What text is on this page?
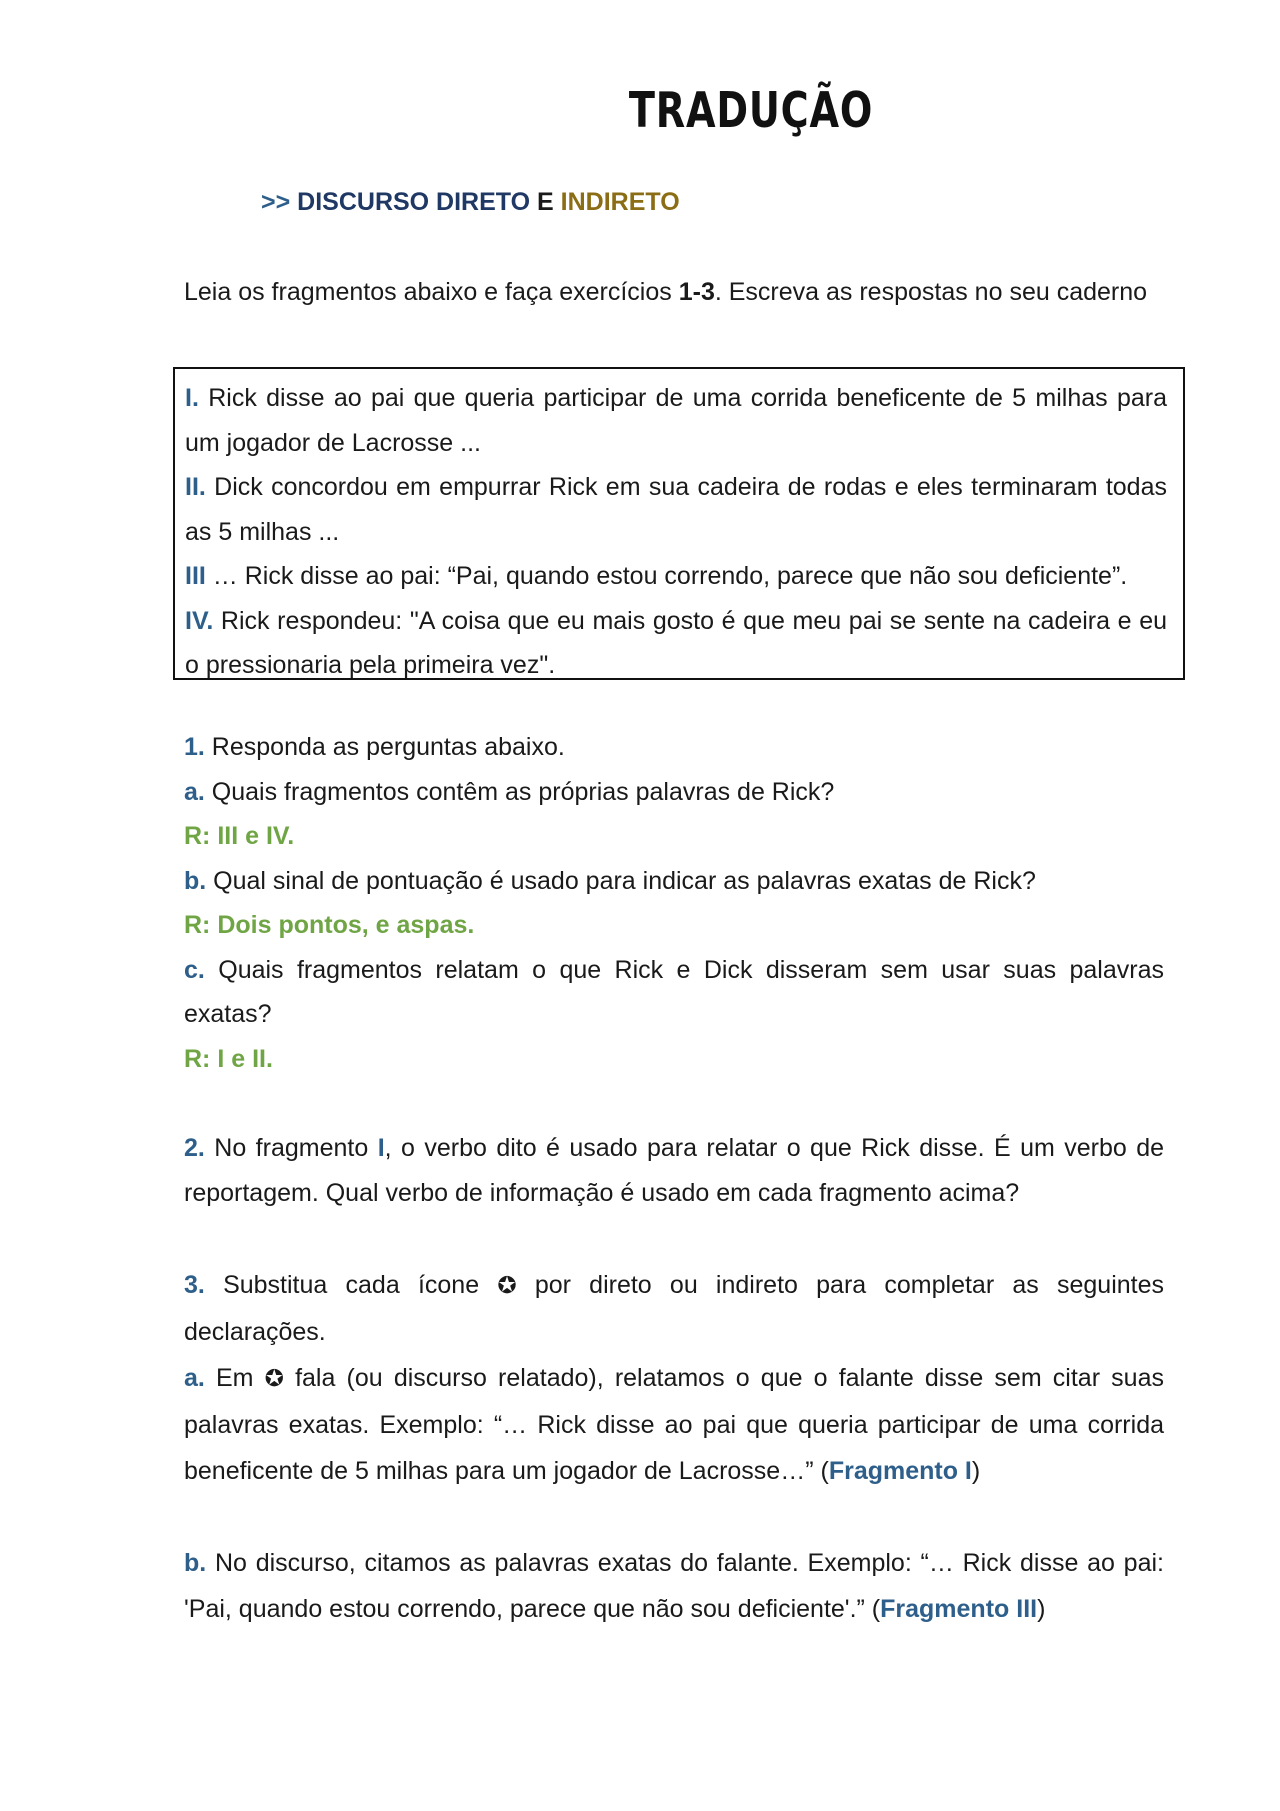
TRADUÇÃO
>> DISCURSO DIRETO E INDIRETO

Leia os fragmentos abaixo e faça exercícios 1-3. Escreva as respostas no seu caderno

I. Rick disse ao pai que queria participar de uma corrida beneficente de 5 milhas para um jogador de Lacrosse ...

II. Dick concordou em empurrar Rick em sua cadeira de rodas e eles terminaram todas as 5 milhas ...

III … Rick disse ao pai: “Pai, quando estou correndo, parece que não sou deficiente”.

IV. Rick respondeu: "A coisa que eu mais gosto é que meu pai se sente na cadeira e eu o pressionaria pela primeira vez".

1. Responda as perguntas abaixo.

a. Quais fragmentos contêm as próprias palavras de Rick?

R: III e IV.

b. Qual sinal de pontuação é usado para indicar as palavras exatas de Rick?

R: Dois pontos, e aspas.

c. Quais fragmentos relatam o que Rick e Dick disseram sem usar suas palavras exatas?

R: I e II.

2. No fragmento I, o verbo dito é usado para relatar o que Rick disse. É um verbo de reportagem. Qual verbo de informação é usado em cada fragmento acima?

3. Substitua cada ícone ✪ por direto ou indireto para completar as seguintes declarações.

a. Em ✪ fala (ou discurso relatado), relatamos o que o falante disse sem citar suas palavras exatas. Exemplo: “… Rick disse ao pai que queria participar de uma corrida beneficente de 5 milhas para um jogador de Lacrosse…” (Fragmento I)

b. No discurso, citamos as palavras exatas do falante. Exemplo: “… Rick disse ao pai: 'Pai, quando estou correndo, parece que não sou deficiente'.” (Fragmento III)
